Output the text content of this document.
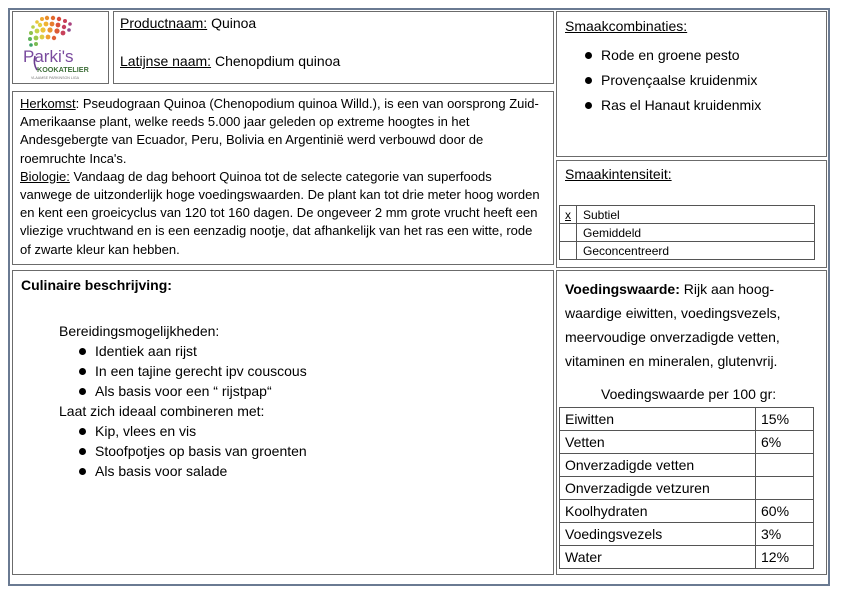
Parki's
KOOKATELIER
VLAAMSE PARKINSON LIGA
Productnaam: Quinoa
Latijnse naam: Chenopdium quinoa
Smaakcombinaties:
Rode en groene pesto
Provençaalse kruidenmix
Ras el Hanaut kruidenmix

Herkomst: Pseudograan Quinoa (Chenopodium quinoa Willd.), is een van oorsprong Zuid-Amerikaanse plant, welke reeds 5.000 jaar geleden op extreme hoogtes in het Andesgebergte van Ecuador, Peru, Bolivia en Argentinië werd verbouwd door de roemruchte Inca's.

Biologie: Vandaag de dag behoort Quinoa tot de selecte categorie van superfoods vanwege de uitzonderlijk hoge voedingswaarden. De plant kan tot drie meter hoog worden en kent een groeicyclus van 120 tot 160 dagen. De ongeveer 2 mm grote vrucht heeft een vliezige vruchtwand en is een eenzadig nootje, dat afhankelijk van het ras een witte, rode of zwarte kleur kan hebben.

Smaakintensiteit:
x	Subtiel
	Gemiddeld
	Geconcentreerd
Culinaire beschrijving:
Bereidingsmogelijkheden:
Identiek aan rijst
In een tajine gerecht ipv couscous
Als basis voor een “ rijstpap“
Laat zich ideaal combineren met:
Kip, vlees en vis
Stoofpotjes op basis van groenten
Als basis voor salade
Voedingswaarde: Rijk aan hoog-waardige eiwitten, voedingsvezels, meervoudige onverzadigde vetten, vitaminen en mineralen, glutenvrij.
Voedingswaarde per 100 gr:
Eiwitten	15%
Vetten	6%
Onverzadigde vetten	
Onverzadigde vetzuren	
Koolhydraten	60%
Voedingsvezels	3%
Water	12%
